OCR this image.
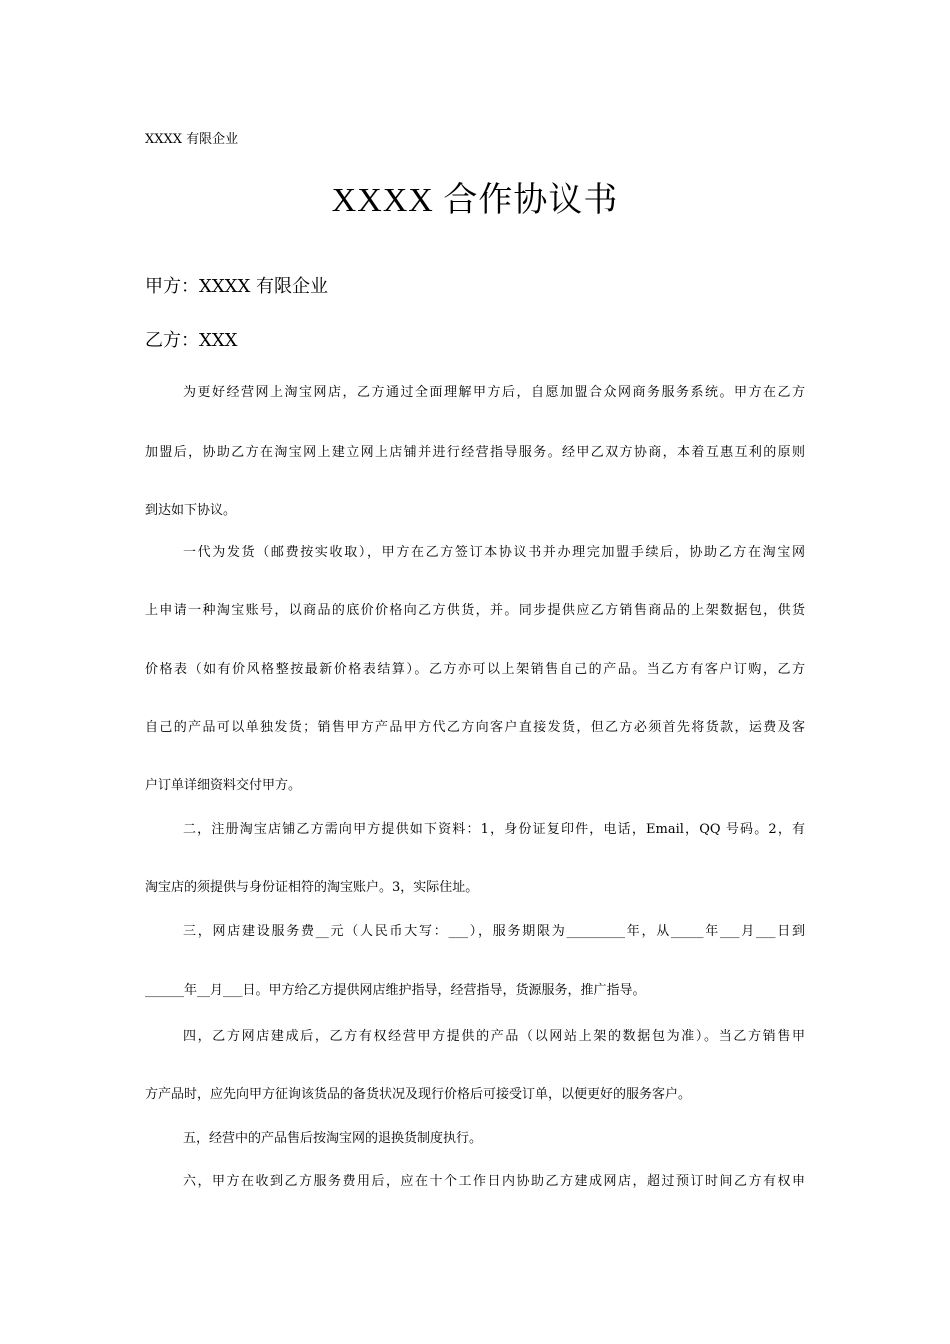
XXXX 有限企业
XXXX 合作协议书
甲方：XXXX 有限企业
乙方：XXX
为更好经营网上淘宝网店，乙方通过全面理解甲方后，自愿加盟合众网商务服务系统。甲方在乙方
加盟后，协助乙方在淘宝网上建立网上店铺并进行经营指导服务。经甲乙双方协商，本着互惠互利的原则
到达如下协议。
一代为发货（邮费按实收取），甲方在乙方签订本协议书并办理完加盟手续后，协助乙方在淘宝网
上申请一种淘宝账号，以商品的底价价格向乙方供货，并。同步提供应乙方销售商品的上架数据包，供货
价格表（如有价风格整按最新价格表结算）。乙方亦可以上架销售自己的产品。当乙方有客户订购，乙方
自己的产品可以单独发货；销售甲方产品甲方代乙方向客户直接发货，但乙方必须首先将货款，运费及客
户订单详细资料交付甲方。
二，注册淘宝店铺乙方需向甲方提供如下资料：1，身份证复印件，电话，Email，QQ 号码。2，有
淘宝店的须提供与身份证相符的淘宝账户。3，实际住址。
三，网店建设服务费__元（人民币大写：___），服务期限为_________年，从_____年___月___日到
______年__月___日。甲方给乙方提供网店维护指导，经营指导，货源服务，推广指导。
四，乙方网店建成后，乙方有权经营甲方提供的产品（以网站上架的数据包为准）。当乙方销售甲
方产品时，应先向甲方征询该货品的备货状况及现行价格后可接受订单，以便更好的服务客户。
五，经营中的产品售后按淘宝网的退换货制度执行。
六，甲方在收到乙方服务费用后，应在十个工作日内协助乙方建成网店，超过预订时间乙方有权申
